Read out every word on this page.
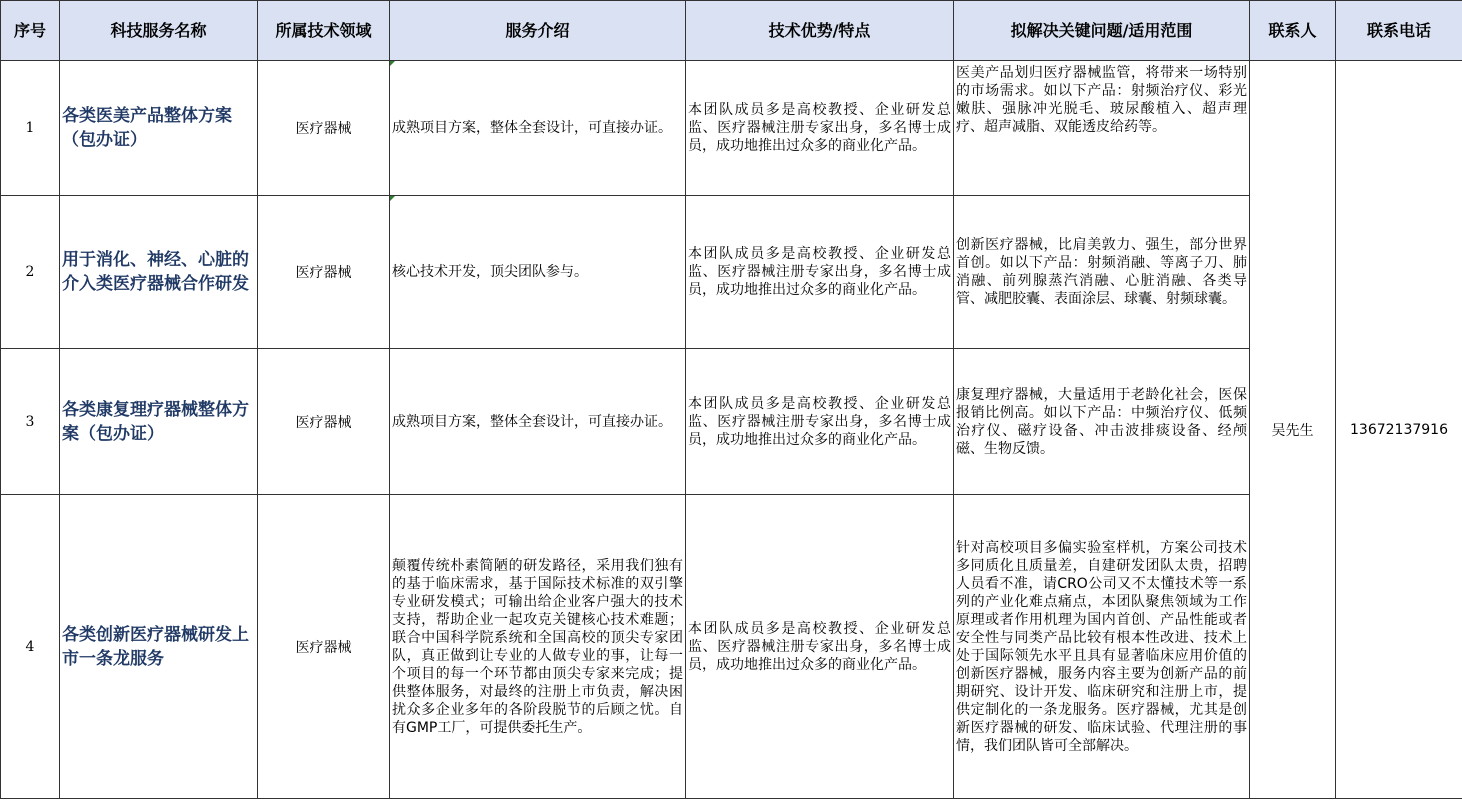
序号	科技服务名称	所属技术领域	服务介绍	技术优势/特点	拟解决关键问题/适用范围	联系人	联系电话
1	各类医美产品整体方案（包办证）	医疗器械	成熟项目方案，整体全套设计，可直接办证。	本团队成员多是高校教授、企业研发总监、医疗器械注册专家出身，多名博士成员，成功地推出过众多的商业化产品。	医美产品划归医疗器械监管，将带来一场特别的市场需求。如以下产品：射频治疗仪、彩光嫩肤、强脉冲光脱毛、玻尿酸植入、超声理疗、超声减脂、双能透皮给药等。	吴先生	13672137916
2	用于消化、神经、心脏的介入类医疗器械合作研发	医疗器械	核心技术开发，顶尖团队参与。	本团队成员多是高校教授、企业研发总监、医疗器械注册专家出身，多名博士成员，成功地推出过众多的商业化产品。	创新医疗器械，比肩美敦力、强生，部分世界首创。如以下产品：射频消融、等离子刀、肺消融、前列腺蒸汽消融、心脏消融、各类导管、减肥胶囊、表面涂层、球囊、射频球囊。		
3	各类康复理疗器械整体方案（包办证）	医疗器械	成熟项目方案，整体全套设计，可直接办证。	本团队成员多是高校教授、企业研发总监、医疗器械注册专家出身，多名博士成员，成功地推出过众多的商业化产品。	康复理疗器械，大量适用于老龄化社会，医保报销比例高。如以下产品：中频治疗仪、低频治疗仪、磁疗设备、冲击波排痰设备、经颅磁、生物反馈。		
4	各类创新医疗器械研发上市一条龙服务	医疗器械	颠覆传统朴素简陋的研发路径，采用我们独有的基于临床需求，基于国际技术标准的双引擎专业研发模式；可输出给企业客户强大的技术支持，帮助企业一起攻克关键核心技术难题；联合中国科学院系统和全国高校的顶尖专家团队，真正做到让专业的人做专业的事，让每一个项目的每一个环节都由顶尖专家来完成；提供整体服务，对最终的注册上市负责，解决困扰众多企业多年的各阶段脱节的后顾之忧。自有GMP工厂，可提供委托生产。	本团队成员多是高校教授、企业研发总监、医疗器械注册专家出身，多名博士成员，成功地推出过众多的商业化产品。	针对高校项目多偏实验室样机，方案公司技术多同质化且质量差，自建研发团队太贵，招聘人员看不准，请CRO公司又不太懂技术等一系列的产业化难点痛点，本团队聚焦领域为工作原理或者作用机理为国内首创、产品性能或者安全性与同类产品比较有根本性改进、技术上处于国际领先水平且具有显著临床应用价值的创新医疗器械，服务内容主要为创新产品的前期研究、设计开发、临床研究和注册上市，提供定制化的一条龙服务。医疗器械，尤其是创新医疗器械的研发、临床试验、代理注册的事情，我们团队皆可全部解决。		
